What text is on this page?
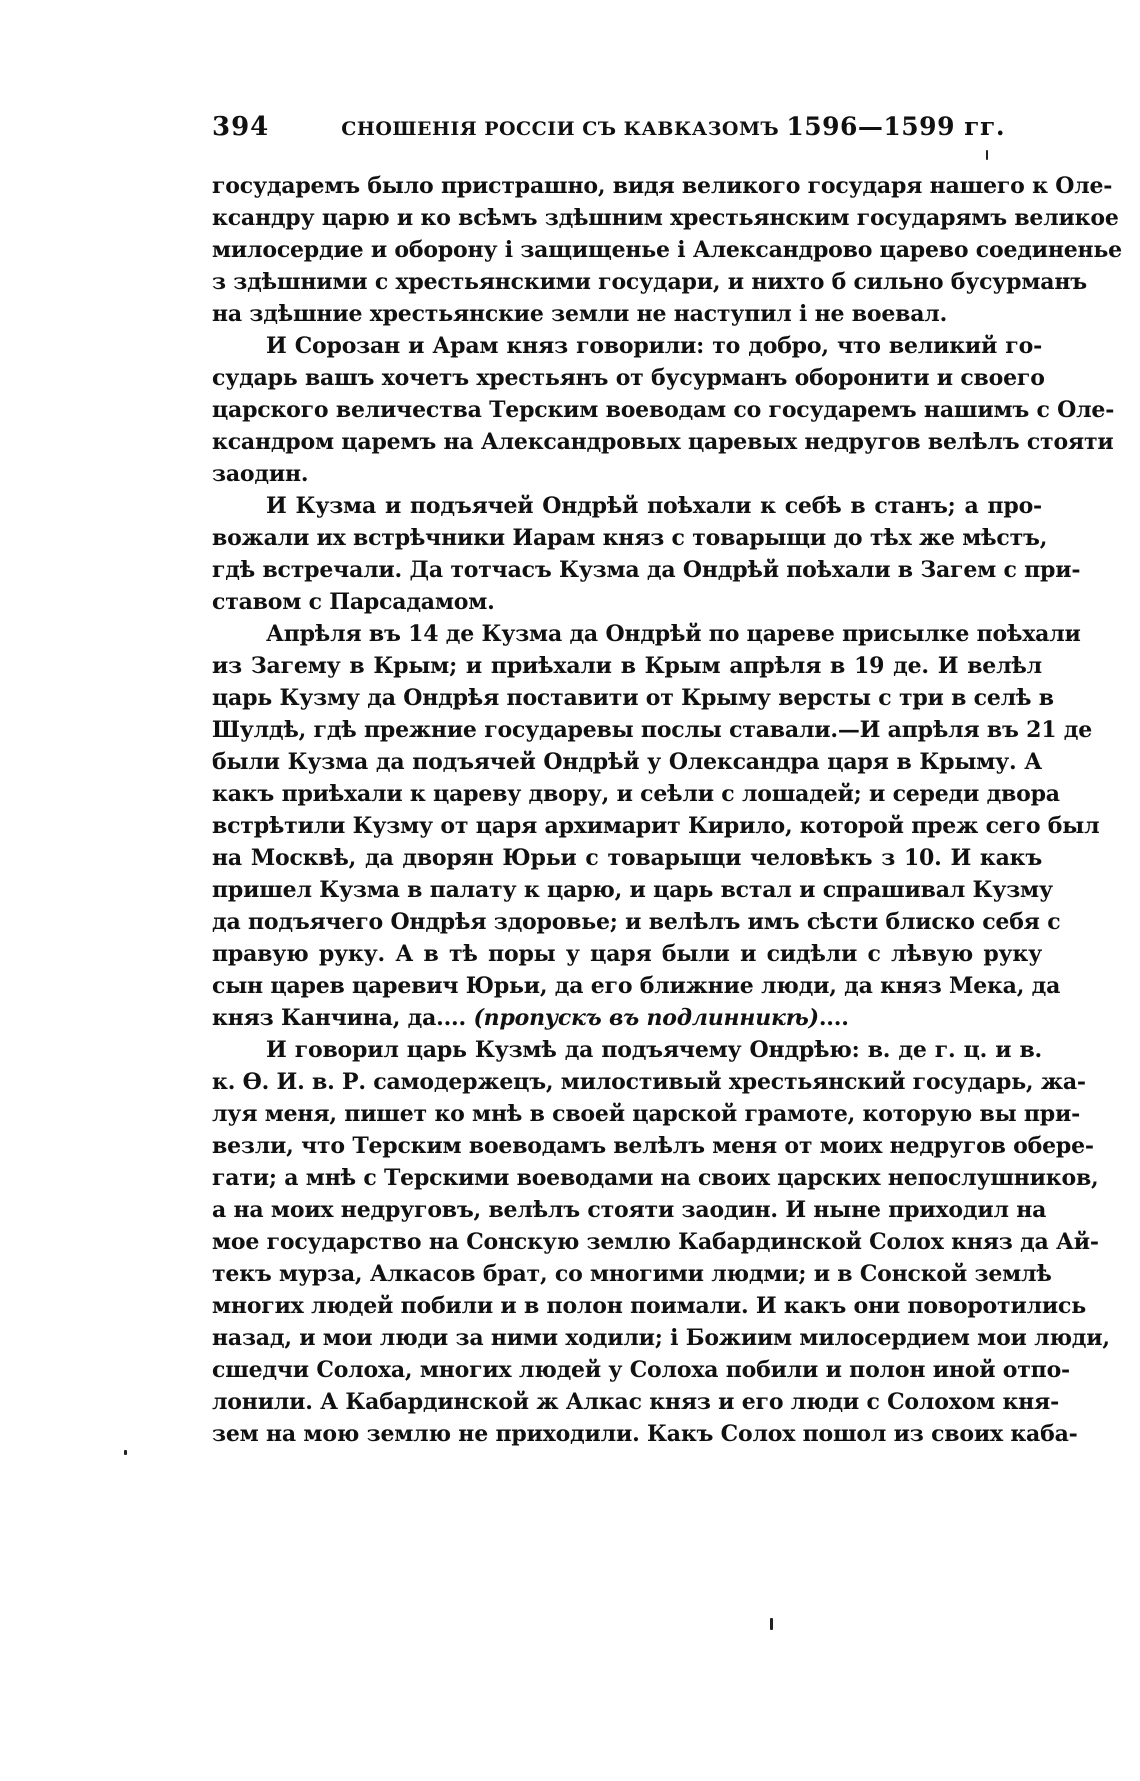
394	СНОШЕНІЯ РОССІИ СЪ КАВКАЗОМЪ 1596—1599 гг.
государемъ было пристрашно, видя великого государя нашего к Оле-
ксандру царю и ко всѣмъ здѣшним хрестьянским государямъ великое
милосердие и оборону і защищенье і Александрово царево соединенье
з здѣшними с хрестьянскими государи, и нихто б сильно бусурманъ
на здѣшние хрестьянские земли не наступил і не воевал.
И Сорозан и Арам княз говорили: то добро, что великий го-
сударь вашъ хочетъ хрестьянъ от бусурманъ оборонити и своего
царского величества Терским воеводам со государемъ нашимъ с Оле-
ксандром царемъ на Александровых царевых недругов велѣлъ стояти
заодин.
И Кузма и подъячей Ондрѣй поѣхали к себѣ в станъ; а про-
вожали их встрѣчники Иарам княз с товарыщи до тѣх же мѣстъ,
гдѣ встречали. Да тотчасъ Кузма да Ондрѣй поѣхали в Загем с при-
ставом с Парсадамом.
Апрѣля въ 14 де Кузма да Ондрѣй по цареве присылке поѣхали
из Загему в Крым; и приѣхали в Крым апрѣля в 19 де. И велѣл
царь Кузму да Ондрѣя поставити от Крыму версты с три в селѣ в
Шулдѣ, гдѣ прежние государевы послы ставали.—И апрѣля въ 21 де
были Кузма да подъячей Ондрѣй у Олександра царя в Крыму. А
какъ приѣхали к цареву двору, и сеѣли с лошадей; и середи двора
встрѣтили Кузму от царя архимарит Кирило, которой преж сего был
на Москвѣ, да дворян Юрьи с товарыщи человѣкъ з 10. И какъ
пришел Кузма в палату к царю, и царь встал и спрашивал Кузму
да подъячего Ондрѣя здоровье; и велѣлъ имъ сѣсти блиско себя с
правую руку. А в тѣ поры у царя были и сидѣли с лѣвую руку
сын царев царевич Юрьи, да его ближние люди, да княз Мека, да
княз Канчина, да.... (пропускъ въ подлинникѣ)....
И говорил царь Кузмѣ да подъячему Ондрѣю: в. де г. ц. и в.
к. Ѳ. И. в. Р. самодержецъ, милостивый хрестьянский государь, жа-
луя меня, пишет ко мнѣ в своей царской грамоте, которую вы при-
везли, что Терским воеводамъ велѣлъ меня от моих недругов обере-
гати; а мнѣ с Терскими воеводами на своих царских непослушников,
а на моих недруговъ, велѣлъ стояти заодин. И ныне приходил на
мое государство на Сонскую землю Кабардинской Солох княз да Ай-
текъ мурза, Алкасов брат, со многими людми; и в Сонской землѣ
многих людей побили и в полон поимали. И какъ они поворотились
назад, и мои люди за ними ходили; і Божиим милосердием мои люди,
сшедчи Солоха, многих людей у Солоха побили и полон иной отпо-
лонили. А Кабардинской ж Алкас княз и его люди с Солохом кня-
зем на мою землю не приходили. Какъ Солох пошол из своих каба-
